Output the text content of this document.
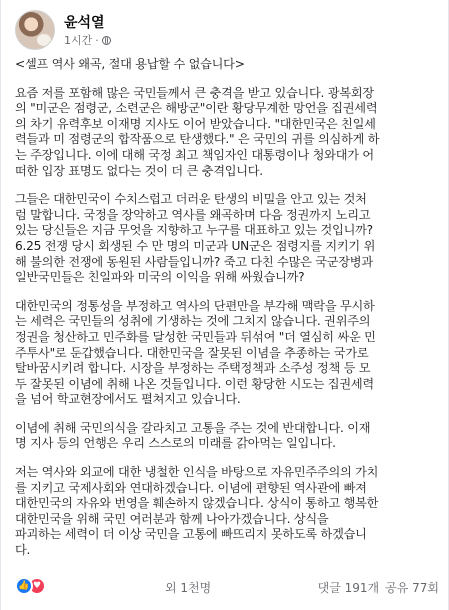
윤석열
1시간 ·

<셀프 역사 왜곡, 절대 용납할 수 없습니다>

요즘 저를 포함해 많은 국민들께서 큰 충격을 받고 있습니다. 광복회장
의 "미군은 점령군, 소련군은 해방군"이란 황당무계한 망언을 집권세력
의 차기 유력후보 이재명 지사도 이어 받았습니다. "대한민국은 친일세
력들과 미 점령군의 합작품으로 탄생했다." 은 국민의 귀를 의심하게 하
는 주장입니다. 이에 대해 국정 최고 책임자인 대통령이나 청와대가 어
떠한 입장 표명도 없다는 것이 더 큰 충격입니다.

그들은 대한민국이 수치스럽고 더러운 탄생의 비밀을 안고 있는 것처
럼 말합니다. 국정을 장악하고 역사를 왜곡하며 다음 정권까지 노리고
있는 당신들은 지금 무엇을 지향하고 누구를 대표하고 있는 것입니까?
6.25 전쟁 당시 회생된 수 만 명의 미군과 UN군은 점령지를 지키기 위
해 불의한 전쟁에 동원된 사람들입니까? 죽고 다친 수많은 국군장병과
일반국민들은 친일파와 미국의 이익을 위해 싸웠습니까?

대한민국의 정통성을 부정하고 역사의 단편만을 부각해 맥락을 무시하
는 세력은 국민들의 성취에 기생하는 것에 그치지 않습니다. 권위주의
정권을 청산하고 민주화를 달성한 국민들과 뒤섞여 "더 열심히 싸운 민
주투사"로 둔갑했습니다. 대한민국을 잘못된 이념을 추종하는 국가로
탈바꿈시키려 합니다. 시장을 부정하는 주택정책과 소주성 정책 등 모
두 잘못된 이념에 취해 나온 것들입니다. 이런 황당한 시도는 집권세력
을 넘어 학교현장에서도 펼쳐지고 있습니다.

이념에 취해 국민의식을 갈라치고 고통을 주는 것에 반대합니다. 이재
명 지사 등의 언행은 우리 스스로의 미래를 갉아먹는 일입니다.

저는 역사와 외교에 대한 냉철한 인식을 바탕으로 자유민주주의의 가치
를 지키고 국제사회와 연대하겠습니다. 이념에 편향된 역사관에 빠져
대한민국의 자유와 번영을 훼손하지 않겠습니다. 상식이 통하고 행복한
대한민국을 위해 국민 여러분과 함께 나아가겠습니다. 상식을
파괴하는 세력이 더 이상 국민을 고통에 빠뜨리지 못하도록 하겠습니
다.

👍 ♥	외 1천명	댓글 191개 공유 77회
